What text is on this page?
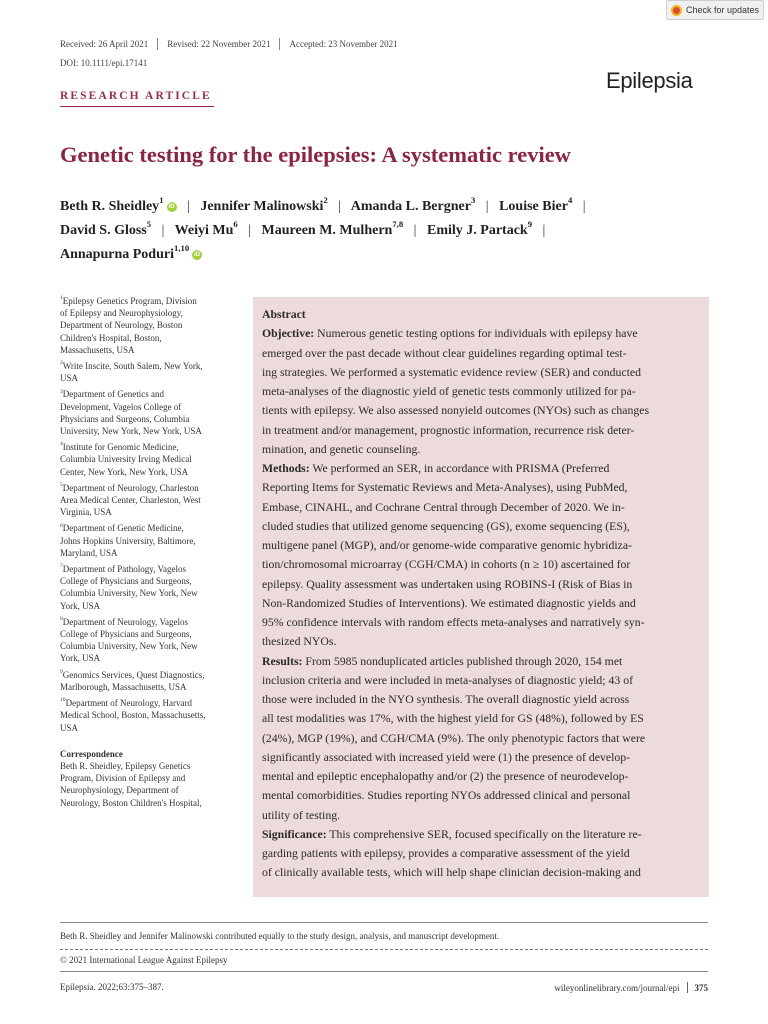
Check for updates
Received: 26 April 2021 Revised: 22 November 2021 Accepted: 23 November 2021
DOI: 10.1111/epi.17141
Epilepsia
RESEARCH ARTICLE
Genetic testing for the epilepsies: A systematic review
Beth R. Sheidley$^1$iD | Jennifer Malinowski$^2$ | Amanda L. Bergner$^3$ | Louise Bier$^4$ |
David S. Gloss$^5$ | Weiyi Mu$^6$ | Maureen M. Mulhern$^{7,8}$ | Emily J. Partack$^9$ |
Annapurna Poduri$^{1,10}$iD
$^1$Epilepsy Genetics Program, Division
of Epilepsy and Neurophysiology,
Department of Neurology, Boston
Children's Hospital, Boston,
Massachusetts, USA
$^2$Write Inscite, South Salem, New York,
USA
$^3$Department of Genetics and
Development, Vagelos College of
Physicians and Surgeons, Columbia
University, New York, New York, USA
$^4$Institute for Genomic Medicine,
Columbia University Irving Medical
Center, New York, New York, USA
$^5$Department of Neurology, Charleston
Area Medical Center, Charleston, West
Virginia, USA
$^6$Department of Genetic Medicine,
Johns Hopkins University, Baltimore,
Maryland, USA
$^7$Department of Pathology, Vagelos
College of Physicians and Surgeons,
Columbia University, New York, New
York, USA
$^8$Department of Neurology, Vagelos
College of Physicians and Surgeons,
Columbia University, New York, New
York, USA
$^9$Genomics Services, Quest Diagnostics,
Marlborough, Massachusetts, USA
$^{10}$Department of Neurology, Harvard
Medical School, Boston, Massachusetts,
USA
Correspondence
Beth R. Sheidley, Epilepsy Genetics
Program, Division of Epilepsy and
Neurophysiology, Department of
Neurology, Boston Children's Hospital,
Abstract
Objective: Numerous genetic testing options for individuals with epilepsy have
emerged over the past decade without clear guidelines regarding optimal test-
ing strategies. We performed a systematic evidence review (SER) and conducted
meta-analyses of the diagnostic yield of genetic tests commonly utilized for pa-
tients with epilepsy. We also assessed nonyield outcomes (NYOs) such as changes
in treatment and/or management, prognostic information, recurrence risk deter-
mination, and genetic counseling.
Methods: We performed an SER, in accordance with PRISMA (Preferred
Reporting Items for Systematic Reviews and Meta-Analyses), using PubMed,
Embase, CINAHL, and Cochrane Central through December of 2020. We in-
cluded studies that utilized genome sequencing (GS), exome sequencing (ES),
multigene panel (MGP), and/or genome-wide comparative genomic hybridiza-
tion/chromosomal microarray (CGH/CMA) in cohorts (n ≥ 10) ascertained for
epilepsy. Quality assessment was undertaken using ROBINS-I (Risk of Bias in
Non-Randomized Studies of Interventions). We estimated diagnostic yields and
95% confidence intervals with random effects meta-analyses and narratively syn-
thesized NYOs.
Results: From 5985 nonduplicated articles published through 2020, 154 met
inclusion criteria and were included in meta-analyses of diagnostic yield; 43 of
those were included in the NYO synthesis. The overall diagnostic yield across
all test modalities was 17%, with the highest yield for GS (48%), followed by ES
(24%), MGP (19%), and CGH/CMA (9%). The only phenotypic factors that were
significantly associated with increased yield were (1) the presence of develop-
mental and epileptic encephalopathy and/or (2) the presence of neurodevelop-
mental comorbidities. Studies reporting NYOs addressed clinical and personal
utility of testing.
Significance: This comprehensive SER, focused specifically on the literature re-
garding patients with epilepsy, provides a comparative assessment of the yield
of clinically available tests, which will help shape clinician decision-making and
Beth R. Sheidley and Jennifer Malinowski contributed equally to the study design, analysis, and manuscript development.
© 2021 International League Against Epilepsy
Epilepsia. 2022;63:375–387.	wileyonlinelibrary.com/journal/epi 375
